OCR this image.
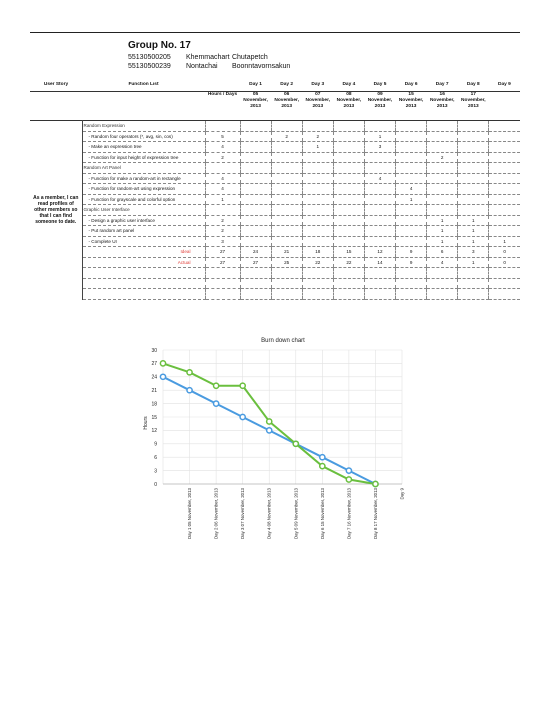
Group No. 17
55130500205 Khemmachart Chutapetch
55130500239 Nontachai Boonntavornsakun
User Story	Function List		Day 1	Day 2	Day 3	Day 4	Day 5	Day 6	Day 7	Day 8	Day 9
		Hours / Days	05 November, 2013	06 November, 2013	07 November, 2013	08 November, 2013	09 November, 2013	15 November, 2013	16 November, 2013	17 November, 2013	
As a member, I can read profiles of other members so that I can find someone to date.	Random Expression										
	- Random four operators (*, avg, sin, cos)	5		2	2		1				
	- Make an expression tree	4			1		3				
	- Function for input height of expression tree	2							2		
	Random Art Panel										
	- Function for make a random-art in rectangle	4					4				
	- Function for random-art using expression	4						4			
	- Function for grayscale and colorful option	1						1			
	Graphic User Interface										
	- Design a graphic user interface	2							1	1	
	- Put random art panel	2							1	1	
	- Complete UI	3							1	1	1
	Ideal	27	24	21	18	15	12	9	6	3	0
	Actual	27	27	25	22	22	14	9	4	1	0

Burn down chart
Hours
0
3
6
9
12
15
18
21
24
27
30
Day 1 05 November, 2013	Day 2 06 November, 2013	Day 3 07 November, 2013	Day 4 08 November, 2013	Day 5 09 November, 2013	Day 6 15 November, 2013	Day 7 16 November, 2013	Day 8 17 November, 2013	Day 9
